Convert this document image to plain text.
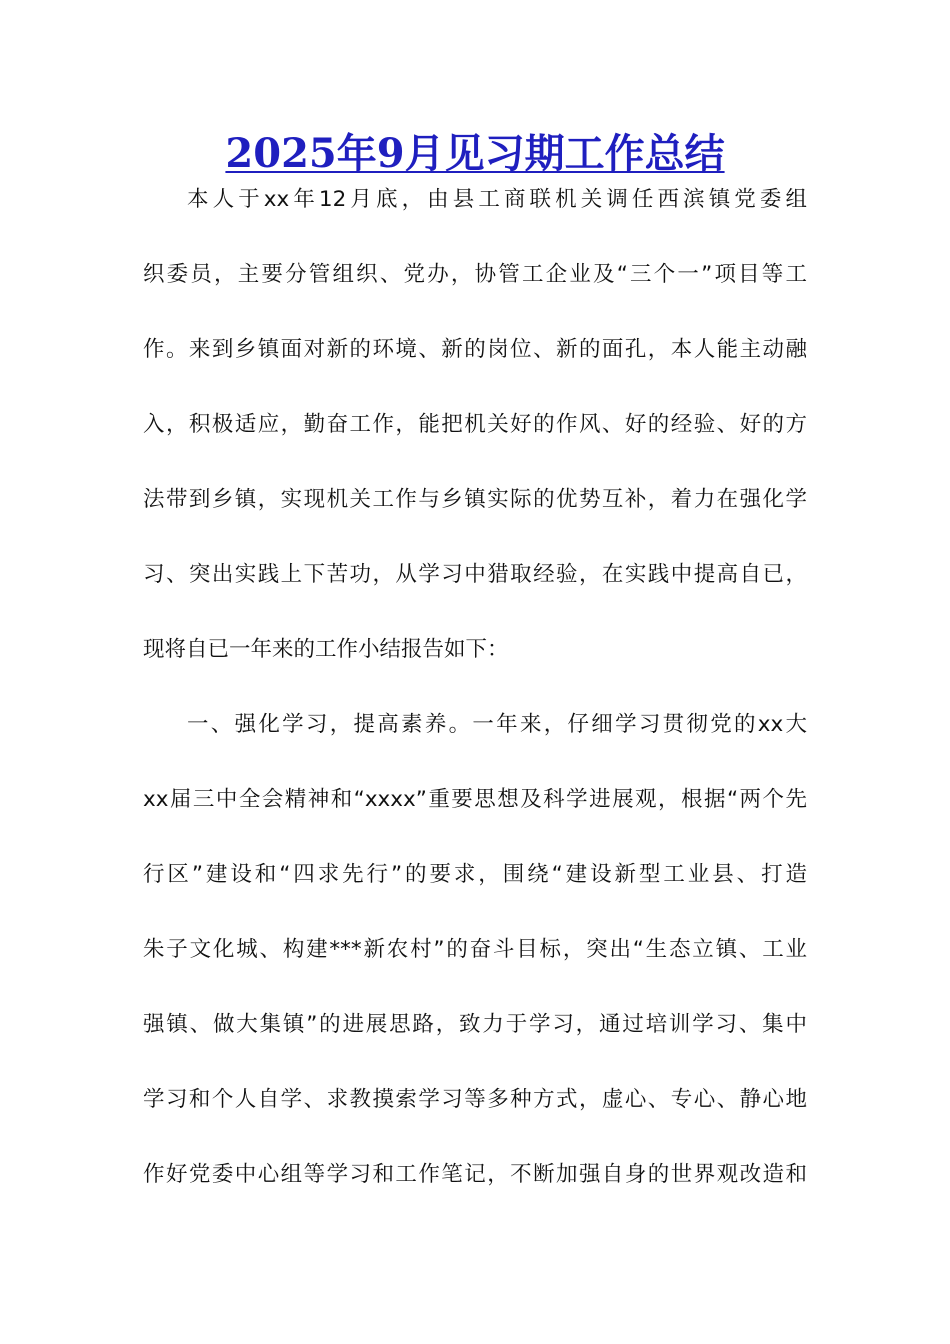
2025年9月见习期工作总结
本人于xx年12月底，由县工商联机关调任西滨镇党委组
织委员，主要分管组织、党办，协管工企业及“三个一”项目等工
作。来到乡镇面对新的环境、新的岗位、新的面孔，本人能主动融
入，积极适应，勤奋工作，能把机关好的作风、好的经验、好的方
法带到乡镇，实现机关工作与乡镇实际的优势互补，着力在强化学
习、突出实践上下苦功，从学习中猎取经验，在实践中提高自已，
现将自已一年来的工作小结报告如下：
一、强化学习，提高素养。一年来，仔细学习贯彻党的xx大
xx届三中全会精神和“xxxx”重要思想及科学进展观，根据“两个先
行区”建设和“四求先行”的要求，围绕“建设新型工业县、打造
朱子文化城、构建***新农村”的奋斗目标，突出“生态立镇、工业
强镇、做大集镇”的进展思路，致力于学习，通过培训学习、集中
学习和个人自学、求教摸索学习等多种方式，虚心、专心、静心地
作好党委中心组等学习和工作笔记，不断加强自身的世界观改造和
